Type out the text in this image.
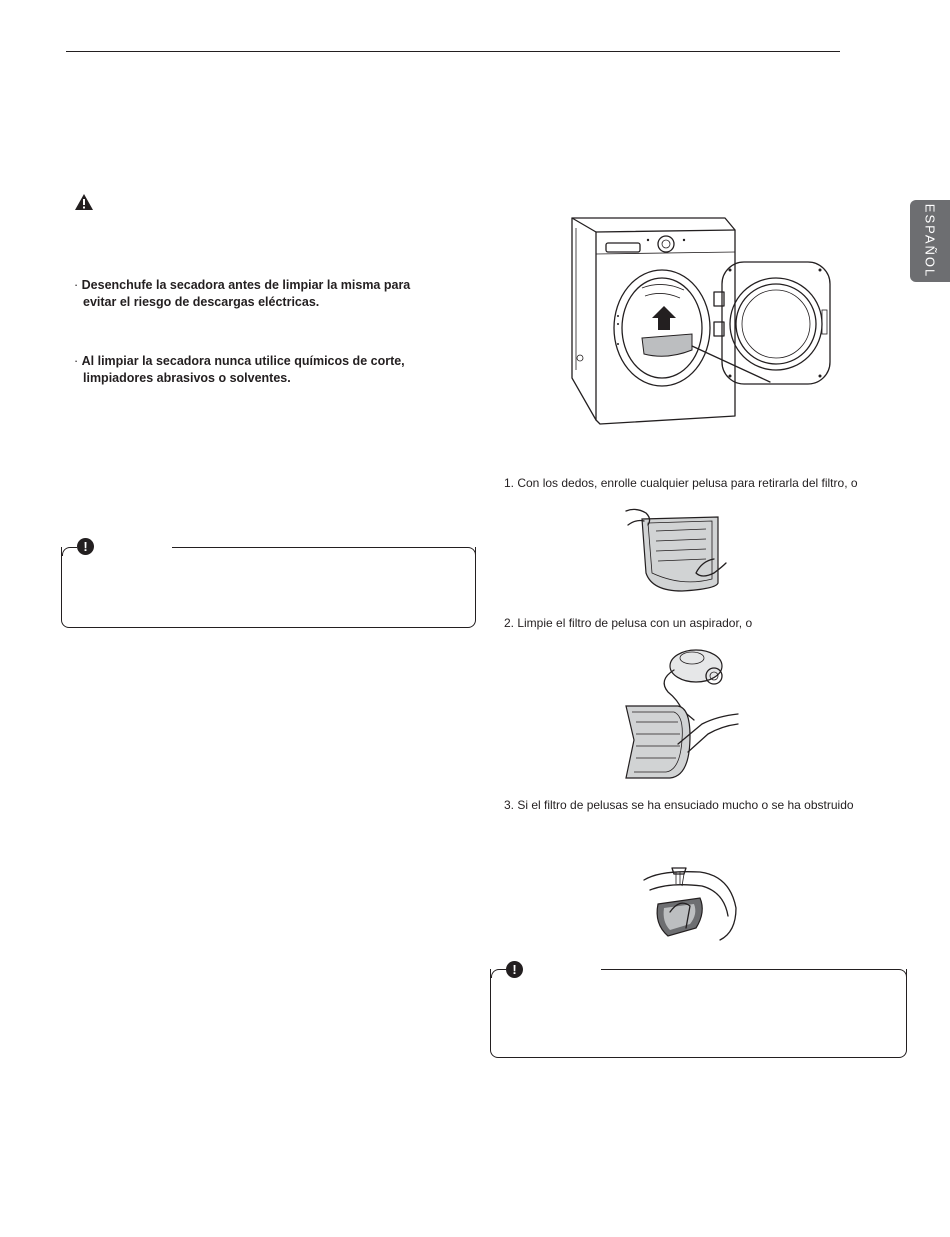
ESPAÑOL
· Desenchufe la secadora antes de limpiar la misma para evitar el riesgo de descargas eléctricas.
· Al limpiar la secadora nunca utilice químicos de corte, limpiadores abrasivos o solventes.
!
1. Con los dedos, enrolle cualquier pelusa para retirarla del filtro, o
2. Limpie el filtro de pelusa con un aspirador, o
3. Si el filtro de pelusas se ha ensuciado mucho o se ha obstruido
!
